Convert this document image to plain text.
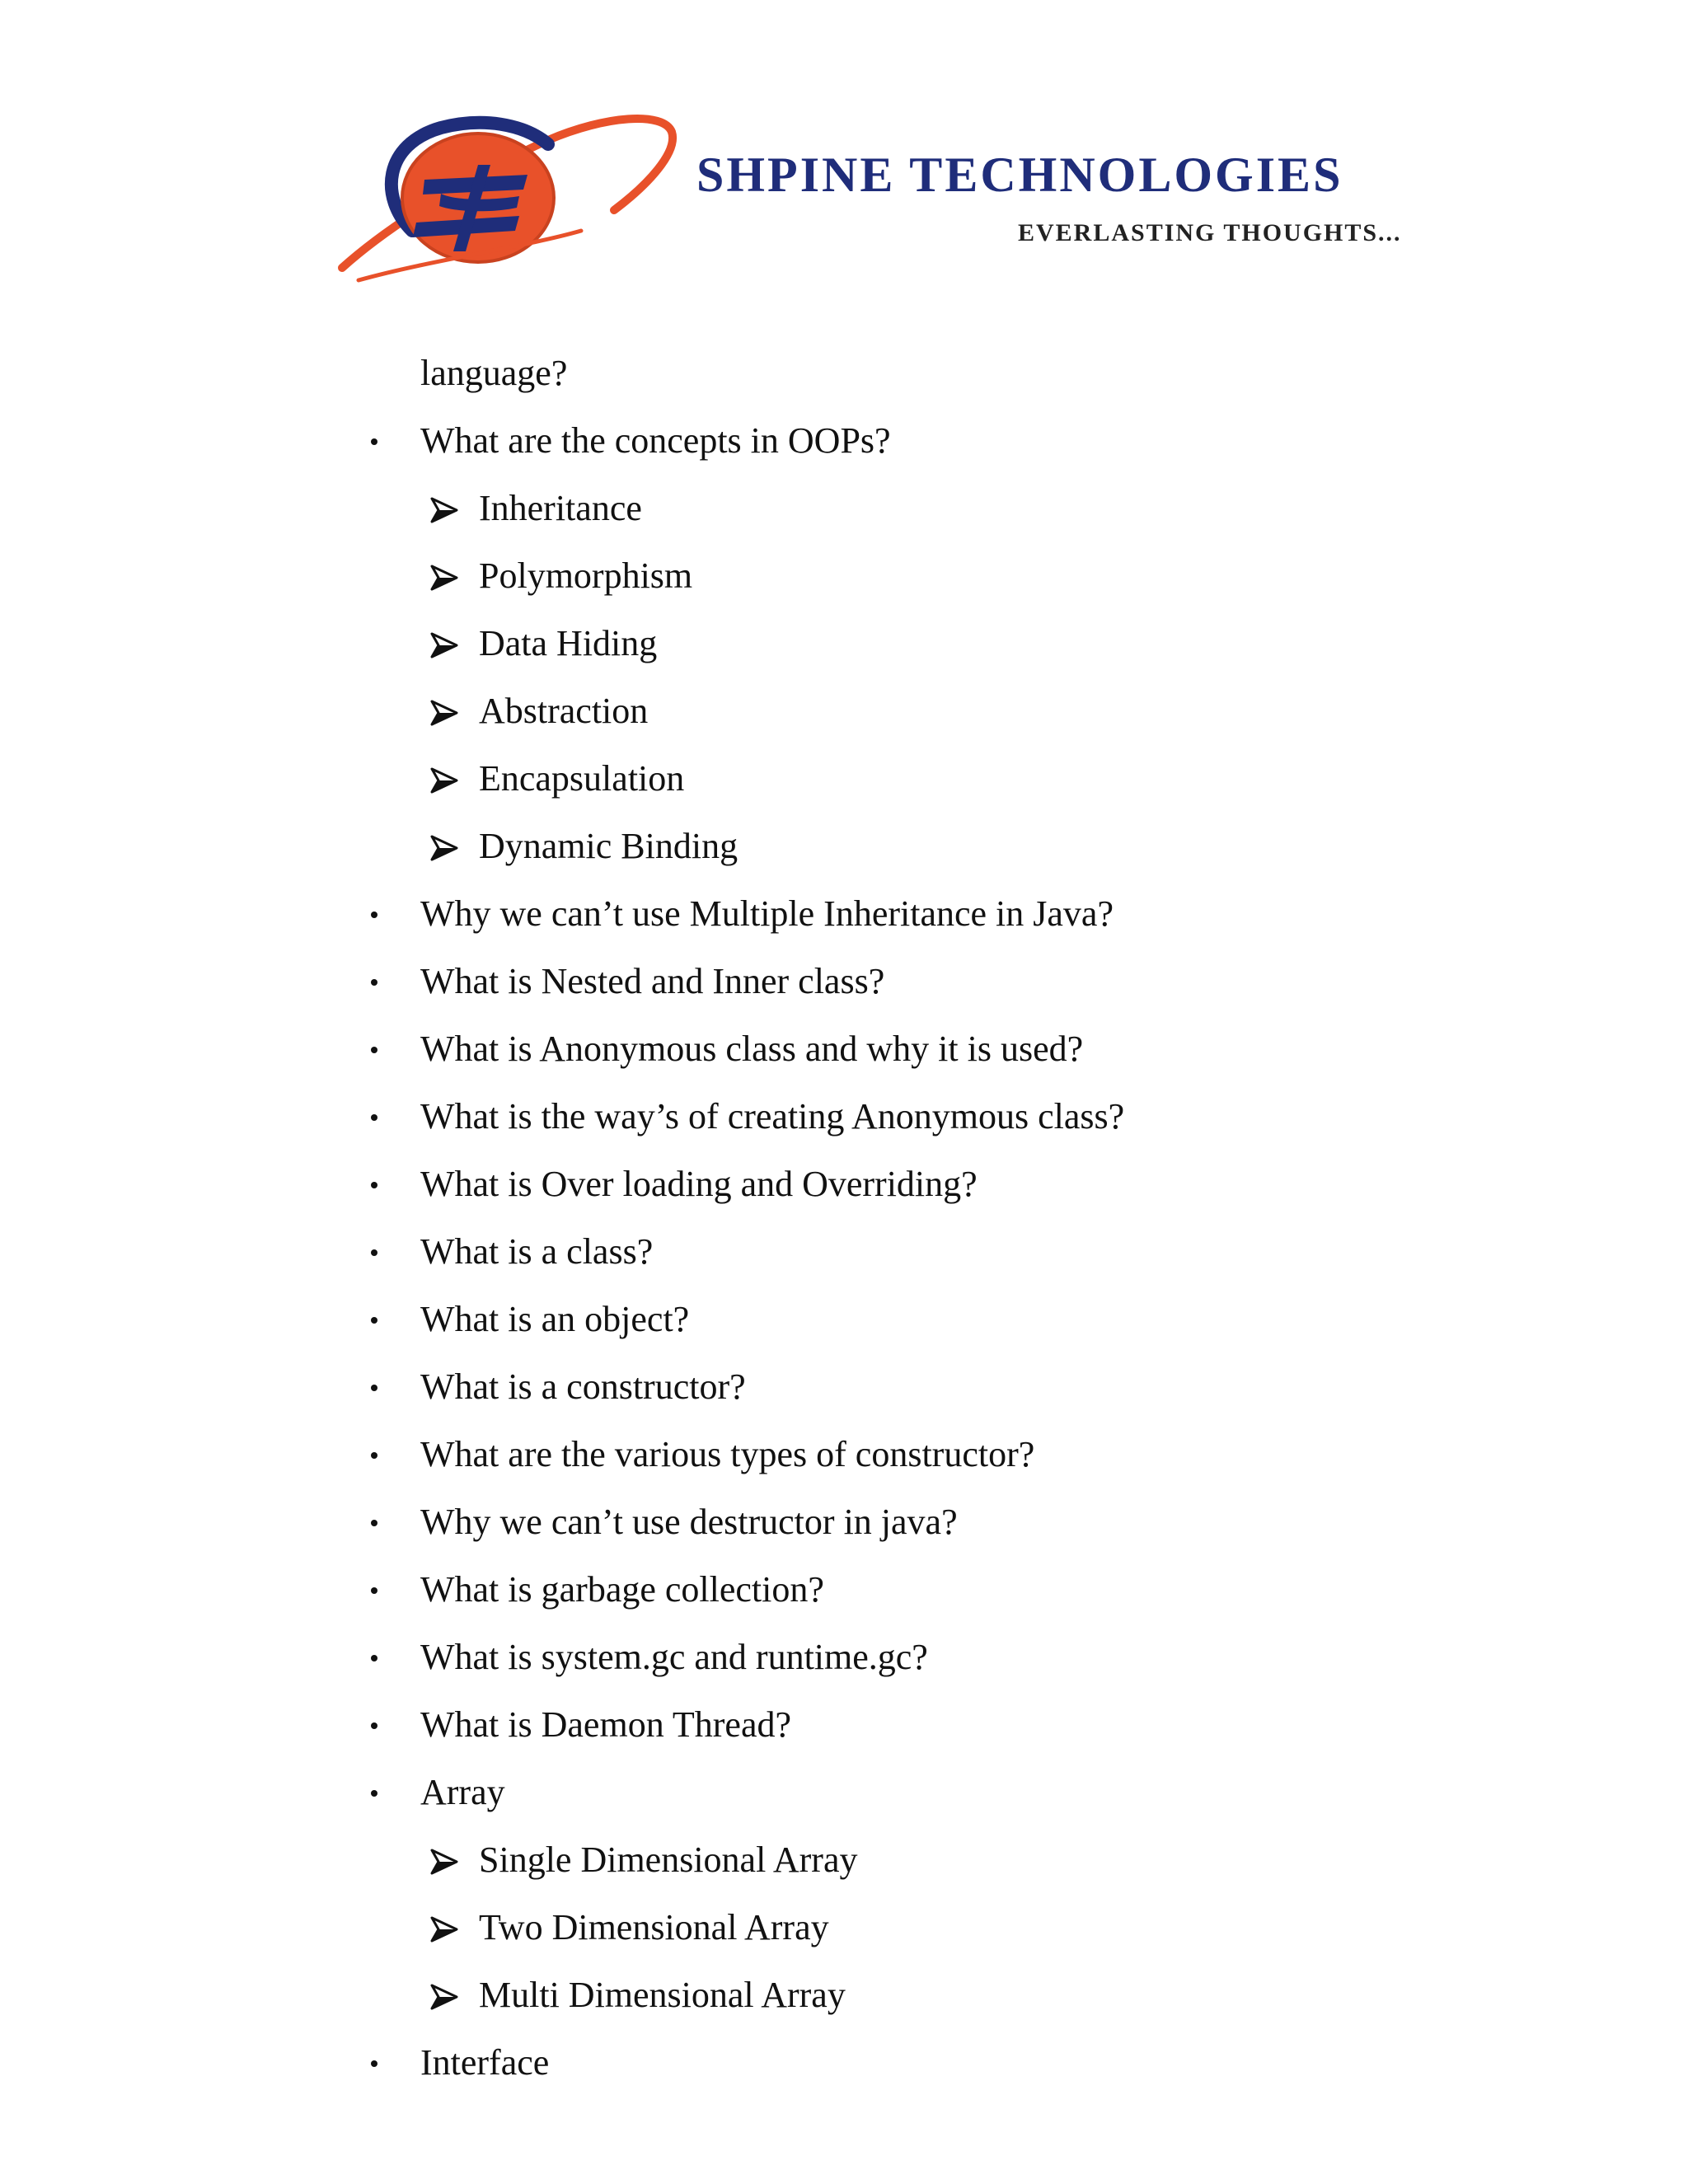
SHPINE TECHNOLOGIES
EVERLASTING THOUGHTS...
language?
What are the concepts in OOPs?
Inheritance
Polymorphism
Data Hiding
Abstraction
Encapsulation
Dynamic Binding
Why we can’t use Multiple Inheritance in Java?
What is Nested and Inner class?
What is Anonymous class and why it is used?
What is the way’s of creating Anonymous class?
What is Over loading and Overriding?
What is a class?
What is an object?
What is a constructor?
What are the various types of constructor?
Why we can’t use destructor in java?
What is garbage collection?
What is system.gc and runtime.gc?
What is Daemon Thread?
Array
Single Dimensional Array
Two Dimensional Array
Multi Dimensional Array
Interface
